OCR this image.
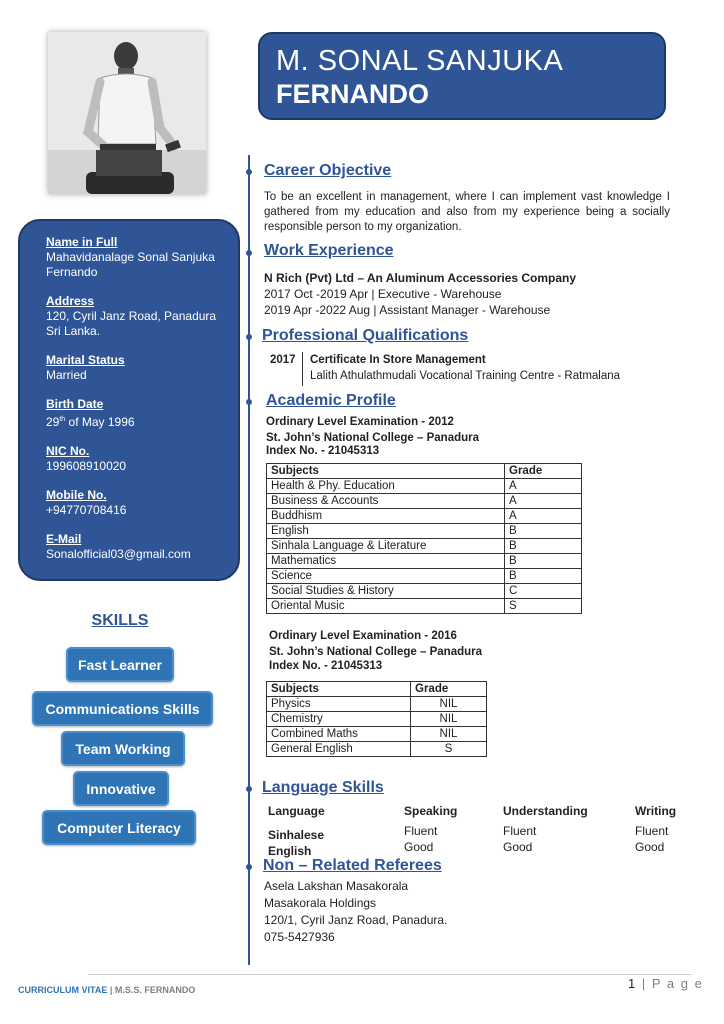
M. SONAL SANJUKA
FERNANDO
Name in Full
Mahavidanalage Sonal Sanjuka Fernando
Address
120, Cyril Janz Road, Panadura
Sri Lanka.
Marital Status
Married
Birth Date
29th of May 1996
NIC No.
199608910020
Mobile No.
+94770708416
E-Mail
Sonalofficial03@gmail.com
SKILLS
Fast Learner
Communications Skills
Team Working
Innovative
Computer Literacy
Career Objective
To be an excellent in management, where I can implement vast knowledge I gathered from my education and also from my experience being a socially responsible person to my organization.
Work Experience
N Rich (Pvt) Ltd – An Aluminum Accessories Company
2017 Oct -2019 Apr | Executive - Warehouse
2019 Apr -2022 Aug | Assistant Manager - Warehouse
Professional Qualifications
2017 Certificate In Store Management
Lalith Athulathmudali Vocational Training Centre - Ratmalana
Academic Profile
Ordinary Level Examination - 2012
St. John’s National College – Panadura
Index No. - 21045313
Subjects	Grade
Health & Phy. Education	A
Business & Accounts	A
Buddhism	A
English	B
Sinhala Language & Literature	B
Mathematics	B
Science	B
Social Studies & History	C
Oriental Music	S
Ordinary Level Examination - 2016
St. John’s National College – Panadura
Index No. - 21045313
Subjects	Grade
Physics	NIL
Chemistry	NIL
Combined Maths	NIL
General English	S
Language Skills
Language	Speaking	Understanding	Writing
Sinhalese	Fluent	Fluent	Fluent
English	Good	Good	Good
Non – Related Referees
Asela Lakshan Masakorala
Masakorala Holdings
120/1, Cyril Janz Road, Panadura.
075-5427936
CURRICULUM VITAE | M.S.S. FERNANDO	1 | P a g e
